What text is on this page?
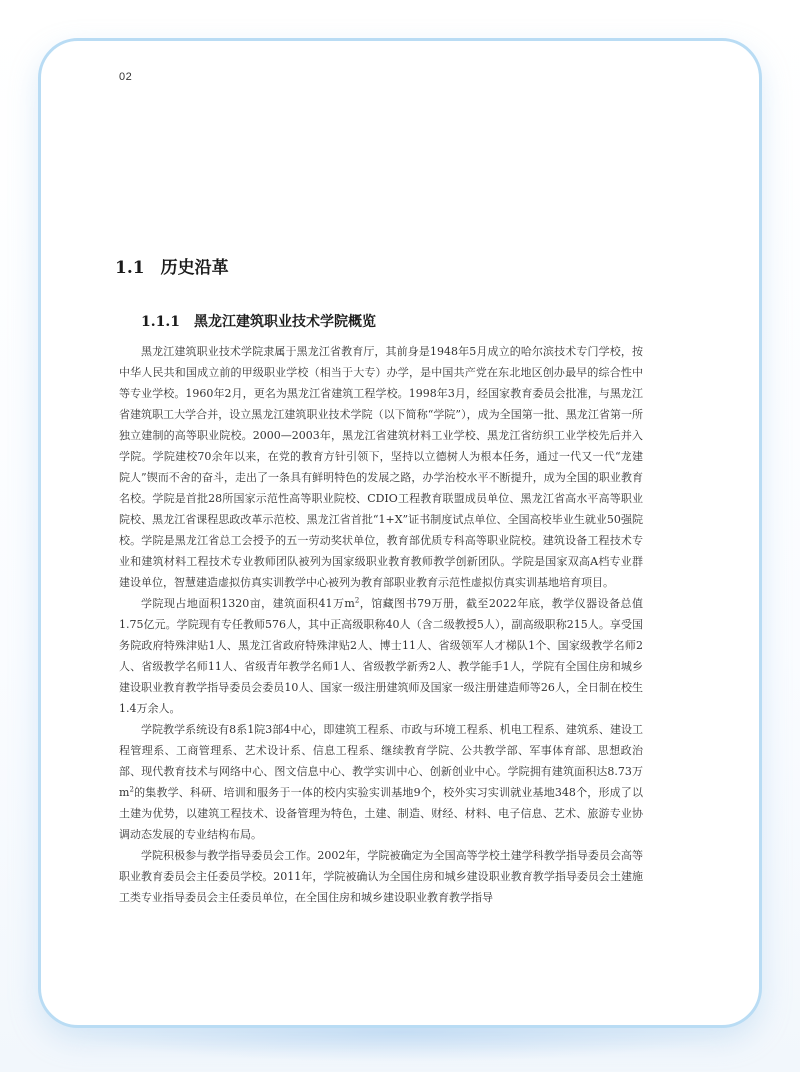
02
1.1 历史沿革
1.1.1 黑龙江建筑职业技术学院概览

黑龙江建筑职业技术学院隶属于黑龙江省教育厅，其前身是1948年5月成立的哈尔滨技术专门学校，按中华人民共和国成立前的甲级职业学校（相当于大专）办学，是中国共产党在东北地区创办最早的综合性中等专业学校。1960年2月，更名为黑龙江省建筑工程学校。1998年3月，经国家教育委员会批准，与黑龙江省建筑职工大学合并，设立黑龙江建筑职业技术学院（以下简称“学院”），成为全国第一批、黑龙江省第一所独立建制的高等职业院校。2000—2003年，黑龙江省建筑材料工业学校、黑龙江省纺织工业学校先后并入学院。学院建校70余年以来，在党的教育方针引领下，坚持以立德树人为根本任务，通过一代又一代“龙建院人”锲而不舍的奋斗，走出了一条具有鲜明特色的发展之路，办学治校水平不断提升，成为全国的职业教育名校。学院是首批28所国家示范性高等职业院校、CDIO工程教育联盟成员单位、黑龙江省高水平高等职业院校、黑龙江省课程思政改革示范校、黑龙江省首批“1+X”证书制度试点单位、全国高校毕业生就业50强院校。学院是黑龙江省总工会授予的五一劳动奖状单位，教育部优质专科高等职业院校。建筑设备工程技术专业和建筑材料工程技术专业教师团队被列为国家级职业教育教师教学创新团队。学院是国家双高A档专业群建设单位，智慧建造虚拟仿真实训教学中心被列为教育部职业教育示范性虚拟仿真实训基地培育项目。

学院现占地面积1320亩，建筑面积41万$m^2$，馆藏图书79万册，截至2022年底，教学仪器设备总值1.75亿元。学院现有专任教师576人，其中正高级职称40人（含二级教授5人），副高级职称215人。享受国务院政府特殊津贴1人、黑龙江省政府特殊津贴2人、博士11人、省级领军人才梯队1个、国家级教学名师2人、省级教学名师11人、省级青年教学名师1人、省级教学新秀2人、教学能手1人，学院有全国住房和城乡建设职业教育教学指导委员会委员10人、国家一级注册建筑师及国家一级注册建造师等26人，全日制在校生1.4万余人。

学院教学系统设有8系1院3部4中心，即建筑工程系、市政与环境工程系、机电工程系、建筑系、建设工程管理系、工商管理系、艺术设计系、信息工程系、继续教育学院、公共教学部、军事体育部、思想政治部、现代教育技术与网络中心、图文信息中心、教学实训中心、创新创业中心。学院拥有建筑面积达8.73万$m^2$的集教学、科研、培训和服务于一体的校内实验实训基地9个，校外实习实训就业基地348个，形成了以土建为优势，以建筑工程技术、设备管理为特色，土建、制造、财经、材料、电子信息、艺术、旅游专业协调动态发展的专业结构布局。

学院积极参与教学指导委员会工作。2002年，学院被确定为全国高等学校土建学科教学指导委员会高等职业教育委员会主任委员学校。2011年，学院被确认为全国住房和城乡建设职业教育教学指导委员会土建施工类专业指导委员会主任委员单位，在全国住房和城乡建设职业教育教学指导
